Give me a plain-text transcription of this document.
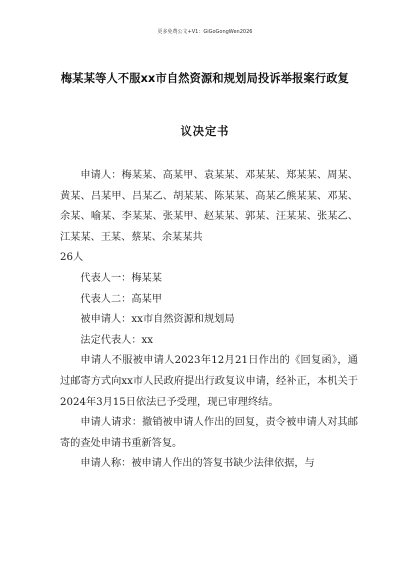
更多免费公文+V1：GiGoGongWen2026
梅某某等人不服xx市自然资源和规划局投诉举报案行政复
议决定书

申请人：梅某某、高某甲、袁某某、邓某某、郑某某、周某、黄某、吕某甲、吕某乙、胡某某、陈某某、高某乙熊某某、邓某、余某、喻某、李某某、张某甲、赵某某、郭某、汪某某、张某乙、江某某、王某、蔡某、余某某共

26人

代表人一：梅某某

代表人二：高某甲

被申请人：xx市自然资源和规划局

法定代表人：xx

申请人不服被申请人2023年12月21日作出的《回复函》，通过邮寄方式向xx市人民政府提出行政复议申请，经补正，本机关于2024年3月15日依法已予受理，现已审理终结。

申请人请求：撤销被申请人作出的回复，责令被申请人对其邮寄的查处申请书重新答复。

申请人称：被申请人作出的答复书缺少法律依据，与
